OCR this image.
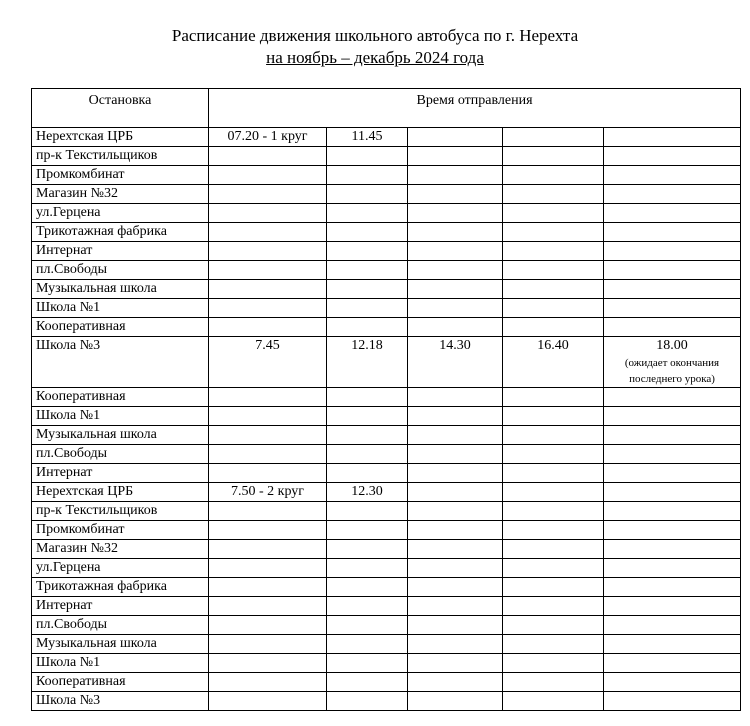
Расписание движения школьного автобуса по г. Нерехта
на ноябрь – декабрь 2024 года
Остановка	Время отправления				
Нерехтская ЦРБ	07.20 - 1 круг	11.45			
пр-к Текстильщиков					
Промкомбинат					
Магазин №32					
ул.Герцена					
Трикотажная фабрика					
Интернат					
пл.Свободы					
Музыкальная школа					
Школа №1					
Кооперативная					
Школа №3	7.45	12.18	14.30	16.40	18.00
(ожидает окончания последнего урока)

Кооперативная					
Школа №1					
Музыкальная школа					
пл.Свободы					
Интернат					
Нерехтская ЦРБ	7.50 - 2 круг	12.30			
пр-к Текстильщиков					
Промкомбинат					
Магазин №32					
ул.Герцена					
Трикотажная фабрика					
Интернат					
пл.Свободы					
Музыкальная школа					
Школа №1					
Кооперативная					
Школа №3					
